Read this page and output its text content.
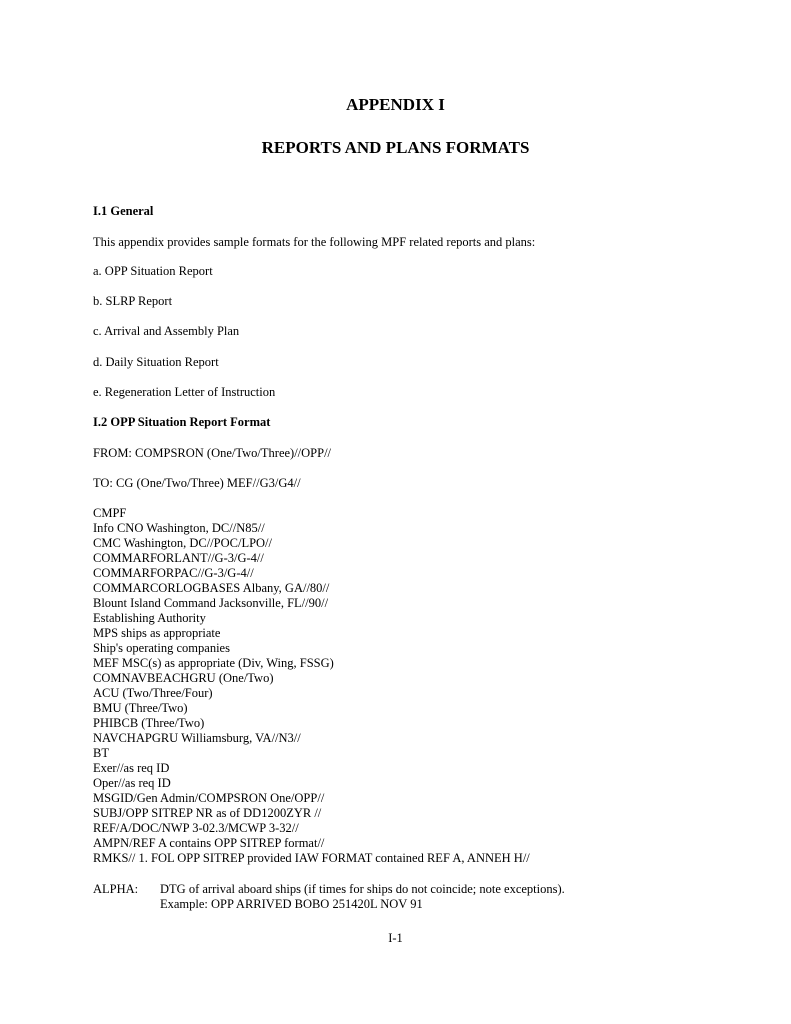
APPENDIX I
REPORTS AND PLANS FORMATS

I.1 General

This appendix provides sample formats for the following MPF related reports and plans:

a. OPP Situation Report

b. SLRP Report

c. Arrival and Assembly Plan

d. Daily Situation Report

e. Regeneration Letter of Instruction

I.2 OPP Situation Report Format

FROM: COMPSRON (One/Two/Three)//OPP//

TO: CG (One/Two/Three) MEF//G3/G4//

CMPF
Info CNO Washington, DC//N85//
CMC Washington, DC//POC/LPO//
COMMARFORLANT//G-3/G-4//
COMMARFORPAC//G-3/G-4//
COMMARCORLOGBASES Albany, GA//80//
Blount Island Command Jacksonville, FL//90//
Establishing Authority
MPS ships as appropriate
Ship's operating companies
MEF MSC(s) as appropriate (Div, Wing, FSSG)
COMNAVBEACHGRU (One/Two)
ACU (Two/Three/Four)
BMU (Three/Two)
PHIBCB (Three/Two)
NAVCHAPGRU Williamsburg, VA//N3//
BT
Exer//as req ID
Oper//as req ID
MSGID/Gen Admin/COMPSRON One/OPP//
SUBJ/OPP SITREP NR as of DD1200ZYR //
REF/A/DOC/NWP 3-02.3/MCWP 3-32//
AMPN/REF A contains OPP SITREP format//
RMKS// 1. FOL OPP SITREP provided IAW FORMAT contained REF A, ANNEH H//
ALPHA: DTG of arrival aboard ships (if times for ships do not coincide; note exceptions).
Example: OPP ARRIVED BOBO 251420L NOV 91

I-1
